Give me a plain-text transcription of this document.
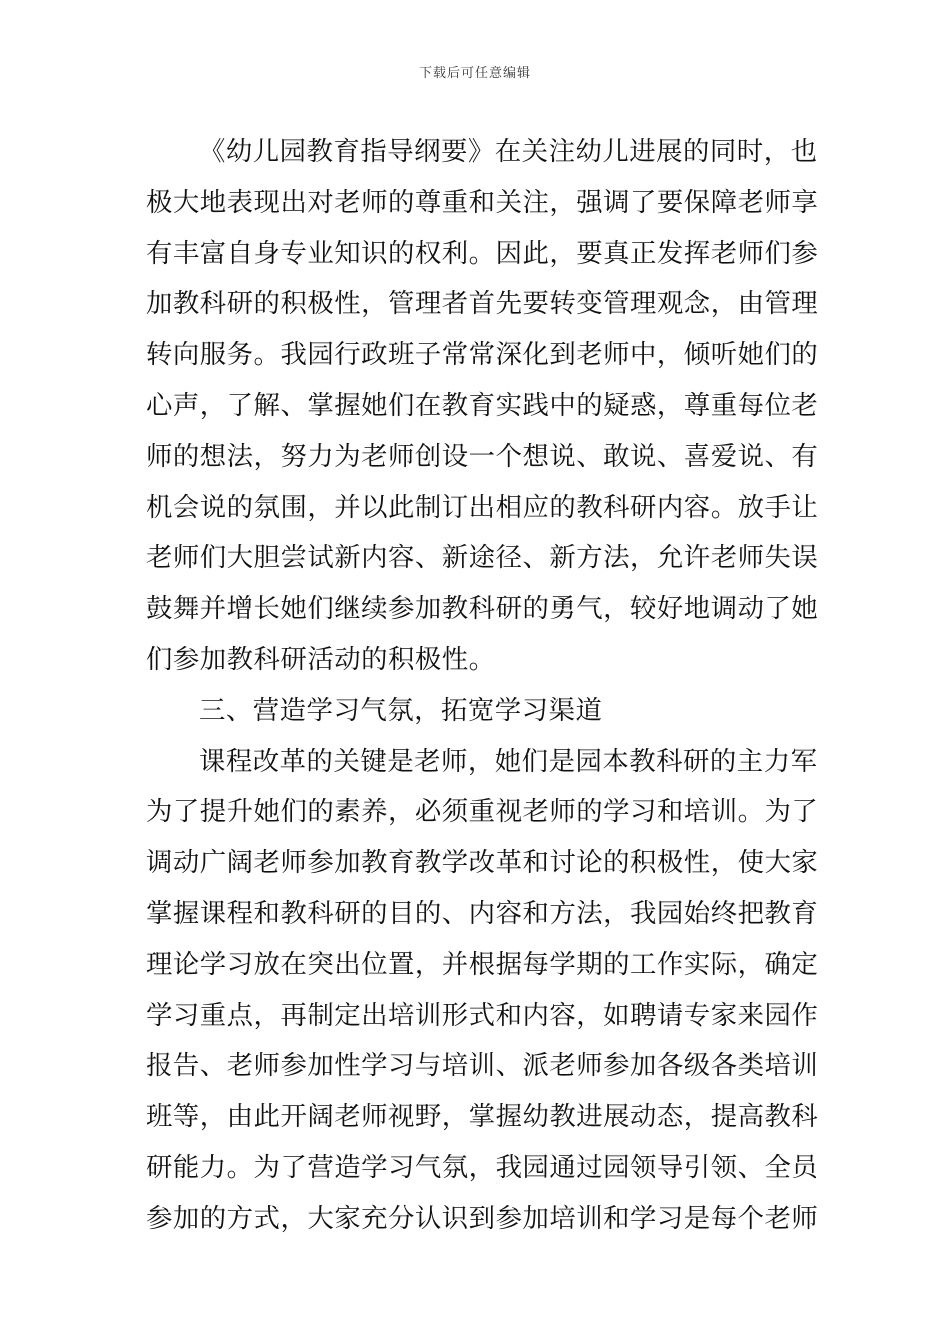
下载后可任意编辑
《幼儿园教育指导纲要》在关注幼儿进展的同时，也
极大地表现出对老师的尊重和关注，强调了要保障老师享
有丰富自身专业知识的权利。因此，要真正发挥老师们参
加教科研的积极性，管理者首先要转变管理观念，由管理
转向服务。我园行政班子常常深化到老师中，倾听她们的
心声，了解、掌握她们在教育实践中的疑惑，尊重每位老
师的想法，努力为老师创设一个想说、敢说、喜爱说、有
机会说的氛围，并以此制订出相应的教科研内容。放手让
老师们大胆尝试新内容、新途径、新方法，允许老师失误
鼓舞并增长她们继续参加教科研的勇气，较好地调动了她
们参加教科研活动的积极性。
三、营造学习气氛，拓宽学习渠道
课程改革的关键是老师，她们是园本教科研的主力军
为了提升她们的素养，必须重视老师的学习和培训。为了
调动广阔老师参加教育教学改革和讨论的积极性，使大家
掌握课程和教科研的目的、内容和方法，我园始终把教育
理论学习放在突出位置，并根据每学期的工作实际，确定
学习重点，再制定出培训形式和内容，如聘请专家来园作
报告、老师参加性学习与培训、派老师参加各级各类培训
班等，由此开阔老师视野，掌握幼教进展动态，提高教科
研能力。为了营造学习气氛，我园通过园领导引领、全员
参加的方式，大家充分认识到参加培训和学习是每个老师
